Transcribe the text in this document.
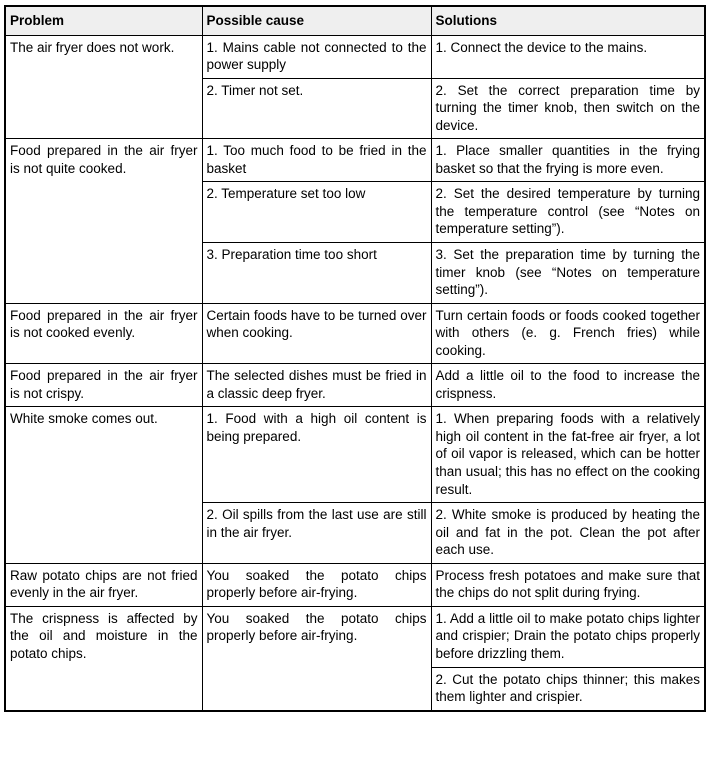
Problem	Possible cause	Solutions
The air fryer does not work.	1. Mains cable not connected to the power supply	1. Connect the device to the mains.
	2. Timer not set.	2. Set the correct preparation time by turning the timer knob, then switch on the device.
Food prepared in the air fryer is not quite cooked.	1. Too much food to be fried in the basket	1. Place smaller quantities in the frying basket so that the frying is more even.
	2. Temperature set too low	2. Set the desired temperature by turning the temperature control (see “Notes on temperature setting”).
	3. Preparation time too short	3. Set the preparation time by turning the timer knob (see “Notes on temperature setting”).
Food prepared in the air fryer is not cooked evenly.	Certain foods have to be turned over when cooking.	Turn certain foods or foods cooked together with others (e. g. French fries) while cooking.
Food prepared in the air fryer is not crispy.	The selected dishes must be fried in a classic deep fryer.	Add a little oil to the food to increase the crispness.
White smoke comes out.	1. Food with a high oil content is being prepared.	1. When preparing foods with a relatively high oil content in the fat-free air fryer, a lot of oil vapor is released, which can be hotter than usual; this has no effect on the cooking result.
	2. Oil spills from the last use are still in the air fryer.	2. White smoke is produced by heating the oil and fat in the pot. Clean the pot after each use.
Raw potato chips are not fried evenly in the air fryer.	You soaked the potato chips properly before air-frying.	Process fresh potatoes and make sure that the chips do not split during frying.
The crispness is affected by the oil and moisture in the potato chips.	You soaked the potato chips properly before air-frying.	1. Add a little oil to make potato chips lighter and crispier; Drain the potato chips properly before drizzling them.
		2. Cut the potato chips thinner; this makes them lighter and crispier.
